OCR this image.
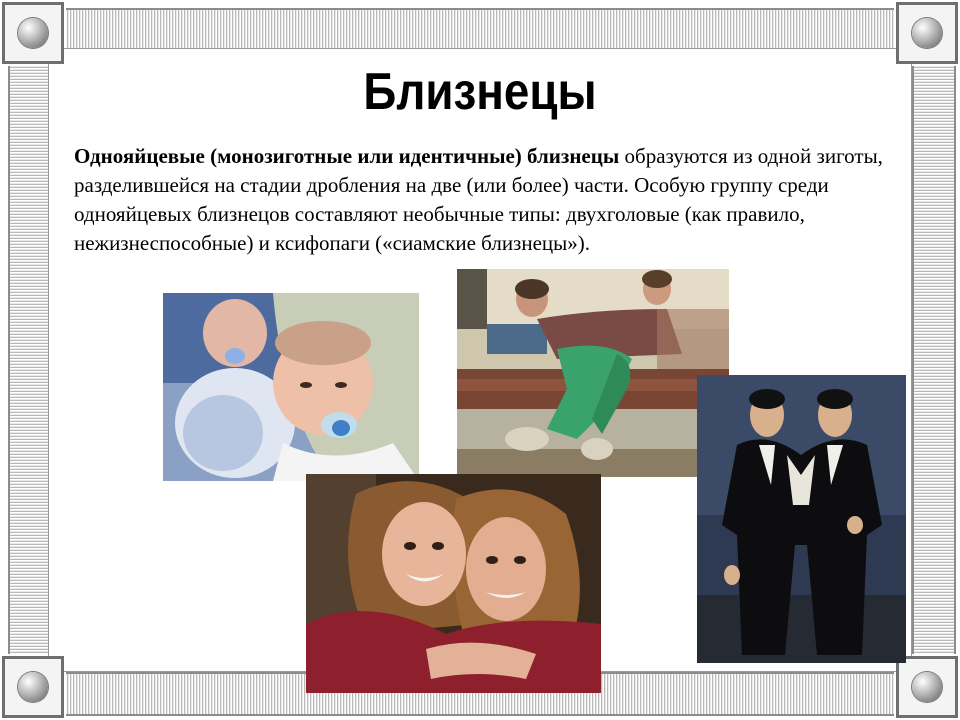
Близнецы
Однояйцевые (монозиготные или идентичные) близнецы образуются из одной зиготы, разделившейся на стадии дробления на две (или более) части. Особую группу среди однояйцевых близнецов составляют необычные типы: двухголовые (как правило, нежизнеспособные) и ксифопаги («сиамские близнецы»).
